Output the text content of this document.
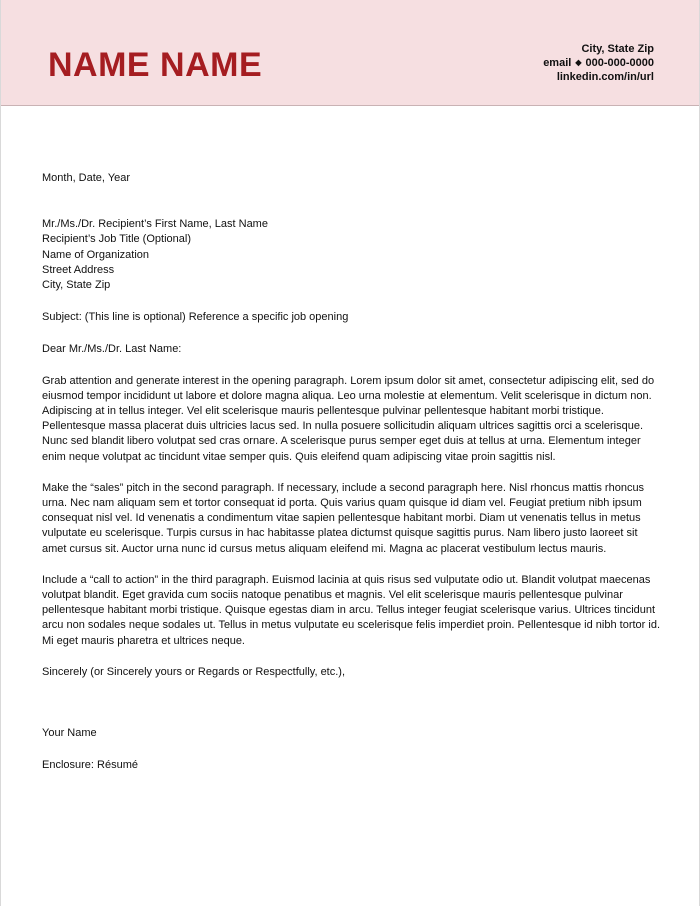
NAME NAME	City, State Zip
email ◆ 000-000-0000
linkedin.com/in/url

Month, Date, Year

Mr./Ms./Dr. Recipient’s First Name, Last Name

Recipient’s Job Title (Optional)

Name of Organization

Street Address

City, State Zip

Subject: (This line is optional) Reference a specific job opening

Dear Mr./Ms./Dr. Last Name:

Grab attention and generate interest in the opening paragraph. Lorem ipsum dolor sit amet, consectetur adipiscing elit, sed do eiusmod tempor incididunt ut labore et dolore magna aliqua. Leo urna molestie at elementum. Velit scelerisque in dictum non. Adipiscing at in tellus integer. Vel elit scelerisque mauris pellentesque pulvinar pellentesque habitant morbi tristique. Pellentesque massa placerat duis ultricies lacus sed. In nulla posuere sollicitudin aliquam ultrices sagittis orci a scelerisque. Nunc sed blandit libero volutpat sed cras ornare. A scelerisque purus semper eget duis at tellus at urna. Elementum integer enim neque volutpat ac tincidunt vitae semper quis. Quis eleifend quam adipiscing vitae proin sagittis nisl.

Make the “sales” pitch in the second paragraph. If necessary, include a second paragraph here. Nisl rhoncus mattis rhoncus urna. Nec nam aliquam sem et tortor consequat id porta. Quis varius quam quisque id diam vel. Feugiat pretium nibh ipsum consequat nisl vel. Id venenatis a condimentum vitae sapien pellentesque habitant morbi. Diam ut venenatis tellus in metus vulputate eu scelerisque. Turpis cursus in hac habitasse platea dictumst quisque sagittis purus. Nam libero justo laoreet sit amet cursus sit. Auctor urna nunc id cursus metus aliquam eleifend mi. Magna ac placerat vestibulum lectus mauris.

Include a “call to action” in the third paragraph. Euismod lacinia at quis risus sed vulputate odio ut. Blandit volutpat maecenas volutpat blandit. Eget gravida cum sociis natoque penatibus et magnis. Vel elit scelerisque mauris pellentesque pulvinar pellentesque habitant morbi tristique. Quisque egestas diam in arcu. Tellus integer feugiat scelerisque varius. Ultrices tincidunt arcu non sodales neque sodales ut. Tellus in metus vulputate eu scelerisque felis imperdiet proin. Pellentesque id nibh tortor id. Mi eget mauris pharetra et ultrices neque.

Sincerely (or Sincerely yours or Regards or Respectfully, etc.),

Your Name

Enclosure: Résumé
